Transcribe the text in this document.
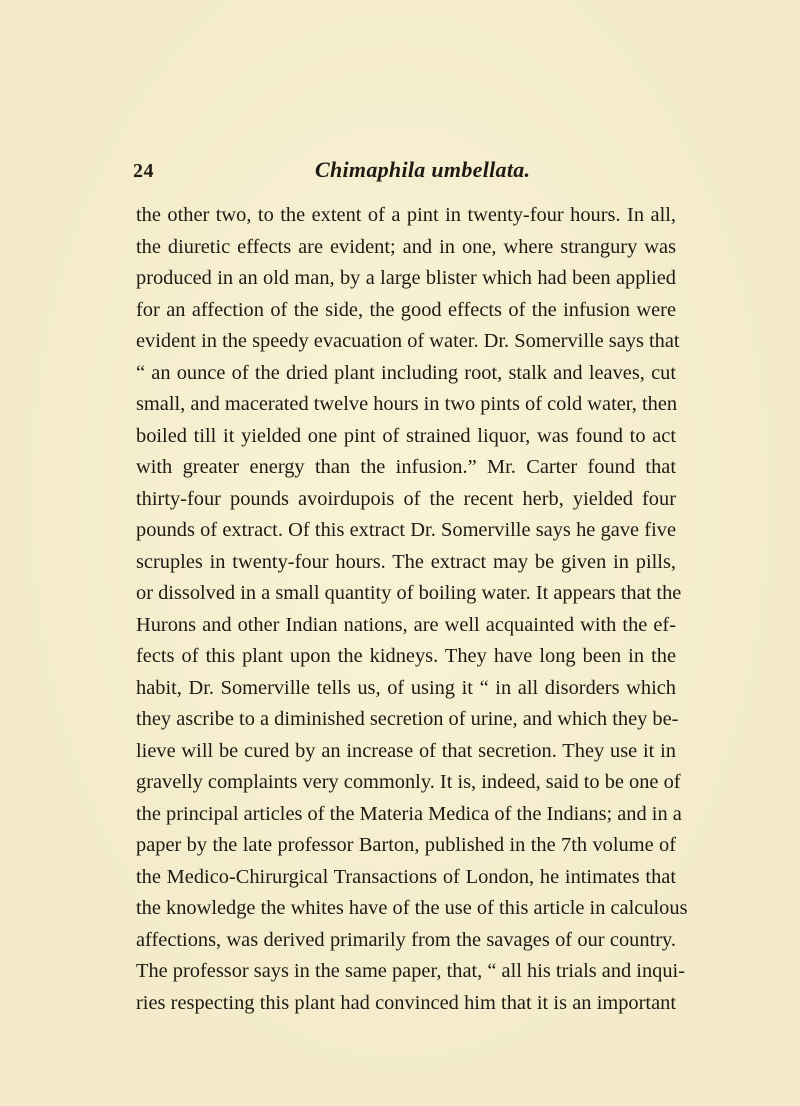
24	Chimaphila umbellata.
the other two, to the extent of a pint in twenty-four hours. In all,
the diuretic effects are evident; and in one, where strangury was
produced in an old man, by a large blister which had been applied
for an affection of the side, the good effects of the infusion were
evident in the speedy evacuation of water. Dr. Somerville says that
“ an ounce of the dried plant including root, stalk and leaves, cut
small, and macerated twelve hours in two pints of cold water, then
boiled till it yielded one pint of strained liquor, was found to act
with greater energy than the infusion.” Mr. Carter found that
thirty-four pounds avoirdupois of the recent herb, yielded four
pounds of extract. Of this extract Dr. Somerville says he gave five
scruples in twenty-four hours. The extract may be given in pills,
or dissolved in a small quantity of boiling water. It appears that the
Hurons and other Indian nations, are well acquainted with the ef-
fects of this plant upon the kidneys. They have long been in the
habit, Dr. Somerville tells us, of using it “ in all disorders which
they ascribe to a diminished secretion of urine, and which they be-
lieve will be cured by an increase of that secretion. They use it in
gravelly complaints very commonly. It is, indeed, said to be one of
the principal articles of the Materia Medica of the Indians; and in a
paper by the late professor Barton, published in the 7th volume of
the Medico-Chirurgical Transactions of London, he intimates that
the knowledge the whites have of the use of this article in calculous
affections, was derived primarily from the savages of our country.
The professor says in the same paper, that, “ all his trials and inqui-
ries respecting this plant had convinced him that it is an important
